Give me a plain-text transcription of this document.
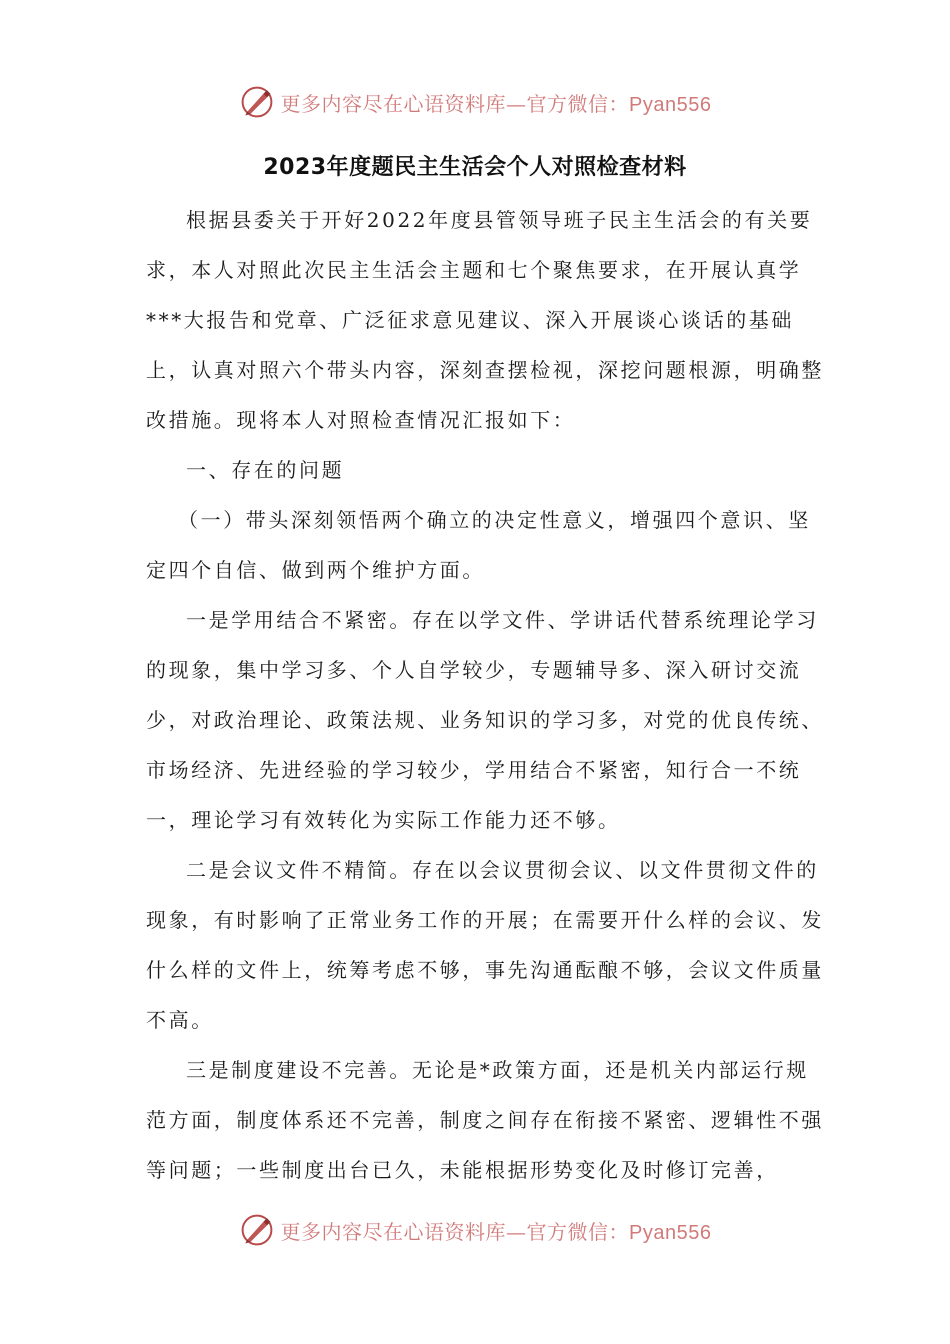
更多内容尽在心语资料库—官方微信：Pyan556
2023年度题民主生活会个人对照检查材料

根据县委关于开好2022年度县管领导班子民主生活会的有关要求，本人对照此次民主生活会主题和七个聚焦要求，在开展认真学***大报告和党章、广泛征求意见建议、深入开展谈心谈话的基础上，认真对照六个带头内容，深刻查摆检视，深挖问题根源，明确整改措施。现将本人对照检查情况汇报如下：

一、存在的问题

（一）带头深刻领悟两个确立的决定性意义，增强四个意识、坚定四个自信、做到两个维护方面。

一是学用结合不紧密。存在以学文件、学讲话代替系统理论学习的现象，集中学习多、个人自学较少，专题辅导多、深入研讨交流少，对政治理论、政策法规、业务知识的学习多，对党的优良传统、市场经济、先进经验的学习较少，学用结合不紧密，知行合一不统一，理论学习有效转化为实际工作能力还不够。

二是会议文件不精简。存在以会议贯彻会议、以文件贯彻文件的现象，有时影响了正常业务工作的开展；在需要开什么样的会议、发什么样的文件上，统筹考虑不够，事先沟通酝酿不够，会议文件质量不高。

三是制度建设不完善。无论是*政策方面，还是机关内部运行规范方面，制度体系还不完善，制度之间存在衔接不紧密、逻辑性不强等问题；一些制度出台已久，未能根据形势变化及时修订完善，

更多内容尽在心语资料库—官方微信：Pyan556
